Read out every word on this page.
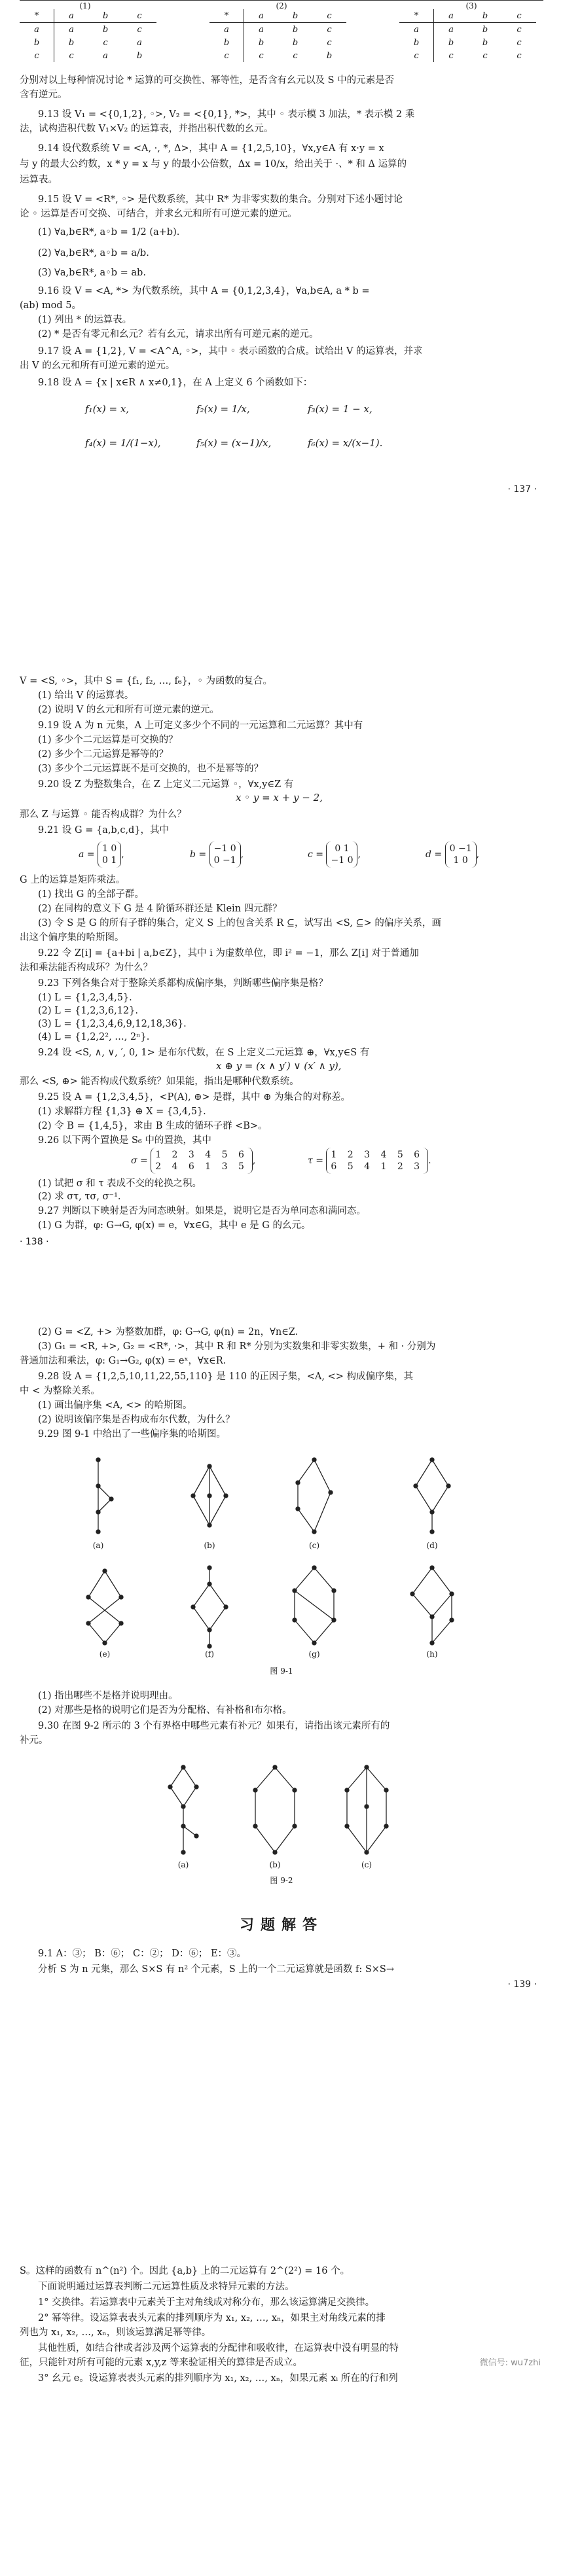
(1)	(2)	(3)
*	a	b	c
a	a	b	c
b	b	c	a
c	c	a	b
*	a	b	c
a	a	b	c
b	b	b	c
c	c	c	b
*	a	b	c
a	a	b	c
b	b	b	c
c	c	c	c
分别对以上每种情况讨论 * 运算的可交换性、幂等性，是否含有幺元以及 S 中的元素是否
含有逆元。
9.13 设 V₁ = <{0,1,2}, ◦>, V₂ = <{0,1}, *>，其中 ◦ 表示模 3 加法，* 表示模 2 乘
法，试构造积代数 V₁×V₂ 的运算表，并指出积代数的幺元。
9.14 设代数系统 V = <A, ·, *, Δ>，其中 A = {1,2,5,10}，∀x,y∈A 有 x·y = x
与 y 的最大公约数，x * y = x 与 y 的最小公倍数，Δx = 10/x，给出关于 ·、* 和 Δ 运算的
运算表。
9.15 设 V = <R*, ◦> 是代数系统，其中 R* 为非零实数的集合。分别对下述小题讨论
论 ◦ 运算是否可交换、可结合，并求幺元和所有可逆元素的逆元。
(1) ∀a,b∈R*, a◦b = 1/2 (a+b).
(2) ∀a,b∈R*, a◦b = a/b.
(3) ∀a,b∈R*, a◦b = ab.
9.16 设 V = <A, *> 为代数系统，其中 A = {0,1,2,3,4}，∀a,b∈A, a * b =
(ab) mod 5。
(1) 列出 * 的运算表。
(2) * 是否有零元和幺元？若有幺元，请求出所有可逆元素的逆元。
9.17 设 A = {1,2}, V = <A^A, ◦>，其中 ◦ 表示函数的合成。试给出 V 的运算表，并求
出 V 的幺元和所有可逆元素的逆元。
9.18 设 A = {x | x∈R ∧ x≠0,1}，在 A 上定义 6 个函数如下：
f₁(x) = x,	f₂(x) = 1/x,	f₃(x) = 1 − x,
f₄(x) = 1/(1−x),	f₅(x) = (x−1)/x,	f₆(x) = x/(x−1).
· 137 ·
V = <S, ◦>，其中 S = {f₁, f₂, …, f₆}，◦ 为函数的复合。
(1) 给出 V 的运算表。
(2) 说明 V 的幺元和所有可逆元素的逆元。
9.19 设 A 为 n 元集，A 上可定义多少个不同的一元运算和二元运算？其中有
(1) 多少个二元运算是可交换的？
(2) 多少个二元运算是幂等的？
(3) 多少个二元运算既不是可交换的，也不是幂等的？
9.20 设 Z 为整数集合，在 Z 上定义二元运算 ◦，∀x,y∈Z 有
x ◦ y = x + y − 2,
那么 Z 与运算 ◦ 能否构成群？为什么？
9.21 设 G = {a,b,c,d}，其中
a = 1 0
0 1,	b = −1 0
0 −1,	c = 0 1
−1 0,	d = 0 −1
1 0,
G 上的运算是矩阵乘法。
(1) 找出 G 的全部子群。
(2) 在同构的意义下 G 是 4 阶循环群还是 Klein 四元群？
(3) 令 S 是 G 的所有子群的集合，定义 S 上的包含关系 R ⊆，试写出 <S, ⊆> 的偏序关系，画
出这个偏序集的哈斯图。
9.22 令 Z[i] = {a+bi | a,b∈Z}，其中 i 为虚数单位，即 i² = −1，那么 Z[i] 对于普通加
法和乘法能否构成环？为什么？
9.23 下列各集合对于整除关系都构成偏序集，判断哪些偏序集是格？
(1) L = {1,2,3,4,5}.
(2) L = {1,2,3,6,12}.
(3) L = {1,2,3,4,6,9,12,18,36}.
(4) L = {1,2,2², …, 2ⁿ}.
9.24 设 <S, ∧, ∨, ′, 0, 1> 是布尔代数，在 S 上定义二元运算 ⊕，∀x,y∈S 有
x ⊕ y = (x ∧ y′) ∨ (x′ ∧ y),
那么 <S, ⊕> 能否构成代数系统？如果能，指出是哪种代数系统。
9.25 设 A = {1,2,3,4,5}，<P(A), ⊕> 是群，其中 ⊕ 为集合的对称差。
(1) 求解群方程 {1,3} ⊕ X = {3,4,5}.
(2) 令 B = {1,4,5}，求由 B 生成的循环子群 <B>。
9.26 以下两个置换是 S₆ 中的置换，其中
σ = 1 2 3 4 5 6
2 4 6 1 3 5,	τ = 1 2 3 4 5 6
6 5 4 1 2 3.
(1) 试把 σ 和 τ 表成不交的轮换之积。
(2) 求 στ, τσ, σ⁻¹.
9.27 判断以下映射是否为同态映射。如果是，说明它是否为单同态和满同态。
(1) G 为群，φ: G→G, φ(x) = e，∀x∈G，其中 e 是 G 的幺元。
· 138 ·
(2) G = <Z, +> 为整数加群，φ: G→G, φ(n) = 2n，∀n∈Z.
(3) G₁ = <R, +>, G₂ = <R*, ·>，其中 R 和 R* 分别为实数集和非零实数集，+ 和 · 分别为
普通加法和乘法，φ: G₁→G₂, φ(x) = eˣ，∀x∈R.
9.28 设 A = {1,2,5,10,11,22,55,110} 是 110 的正因子集，<A, <> 构成偏序集，其
中 < 为整除关系。
(1) 画出偏序集 <A, <> 的哈斯图。
(2) 说明该偏序集是否构成布尔代数，为什么？
9.29 图 9-1 中给出了一些偏序集的哈斯图。
(a)	(b)	(c)	(d)
(e)	(f)	(g)	(h)
图 9-1
(1) 指出哪些不是格并说明理由。
(2) 对那些是格的说明它们是否为分配格、有补格和布尔格。
9.30 在图 9-2 所示的 3 个有界格中哪些元素有补元？如果有，请指出该元素所有的
补元。
(a)	(b)	(c)
图 9-2
习题解答
9.1 A：③； B：⑥； C：②； D：⑥； E：③。
分析 S 为 n 元集，那么 S×S 有 n² 个元素，S 上的一个二元运算就是函数 f: S×S→
· 139 ·
S。这样的函数有 n^(n²) 个。因此 {a,b} 上的二元运算有 2^(2²) = 16 个。
下面说明通过运算表判断二元运算性质及求特异元素的方法。
1° 交换律。若运算表中元素关于主对角线成对称分布，那么该运算满足交换律。
2° 幂等律。设运算表表头元素的排列顺序为 x₁, x₂, …, xₙ，如果主对角线元素的排
列也为 x₁, x₂, …, xₙ，则该运算满足幂等律。
其他性质，如结合律或者涉及两个运算表的分配律和吸收律，在运算表中没有明显的特
征，只能针对所有可能的元素 x,y,z 等来验证相关的算律是否成立。
3° 幺元 e。设运算表表头元素的排列顺序为 x₁, x₂, …, xₙ，如果元素 xᵢ 所在的行和列
微信号: wu7zhi
